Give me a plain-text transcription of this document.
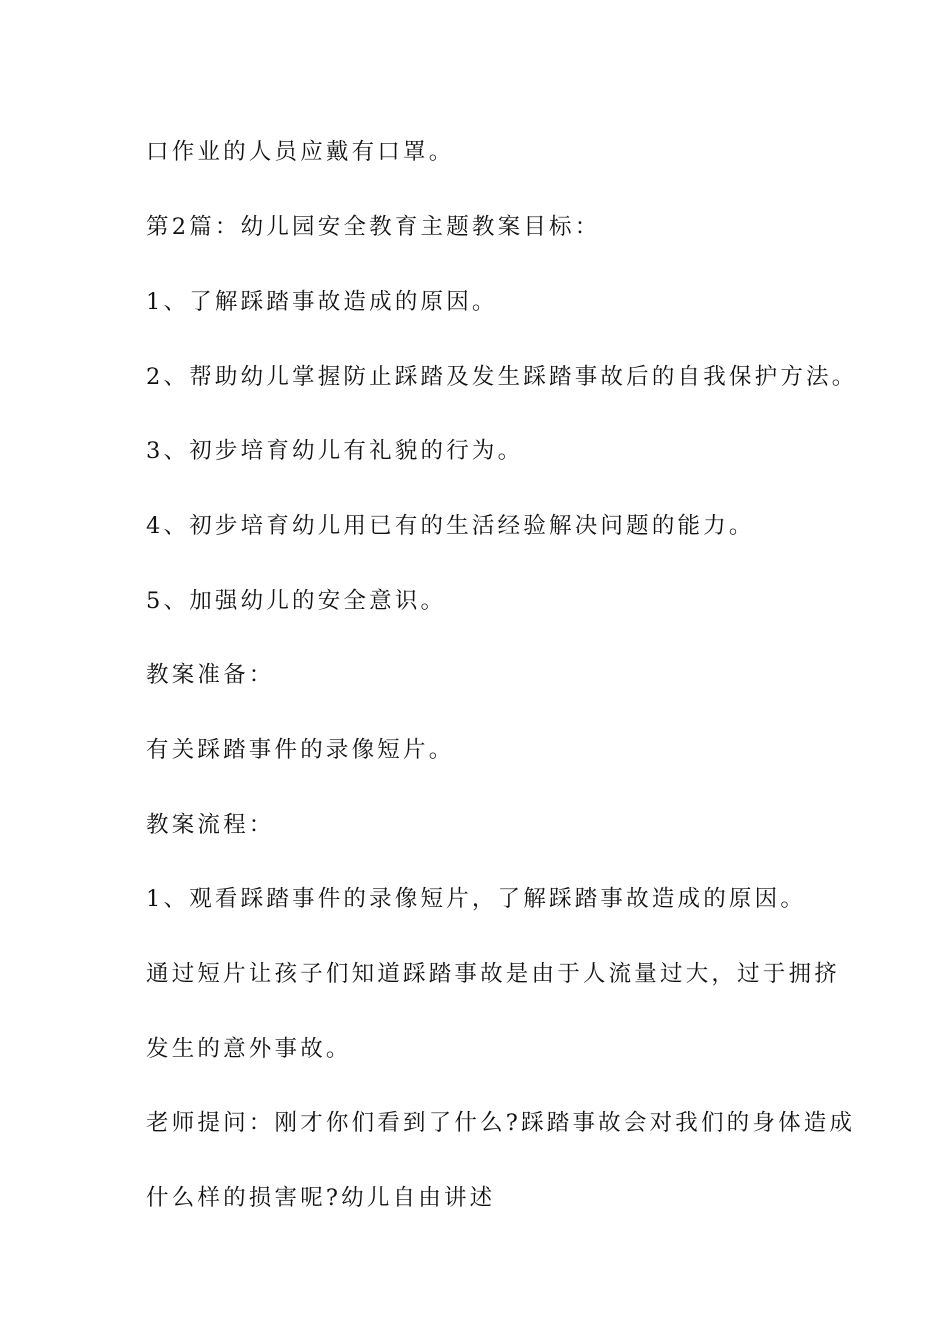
口作业的人员应戴有口罩。
第2篇：幼儿园安全教育主题教案目标：
1、了解踩踏事故造成的原因。
2、帮助幼儿掌握防止踩踏及发生踩踏事故后的自我保护方法。
3、初步培育幼儿有礼貌的行为。
4、初步培育幼儿用已有的生活经验解决问题的能力。
5、加强幼儿的安全意识。
教案准备：
有关踩踏事件的录像短片。
教案流程：
1、观看踩踏事件的录像短片，了解踩踏事故造成的原因。
通过短片让孩子们知道踩踏事故是由于人流量过大，过于拥挤
发生的意外事故。
老师提问：刚才你们看到了什么?踩踏事故会对我们的身体造成
什么样的损害呢?幼儿自由讲述
